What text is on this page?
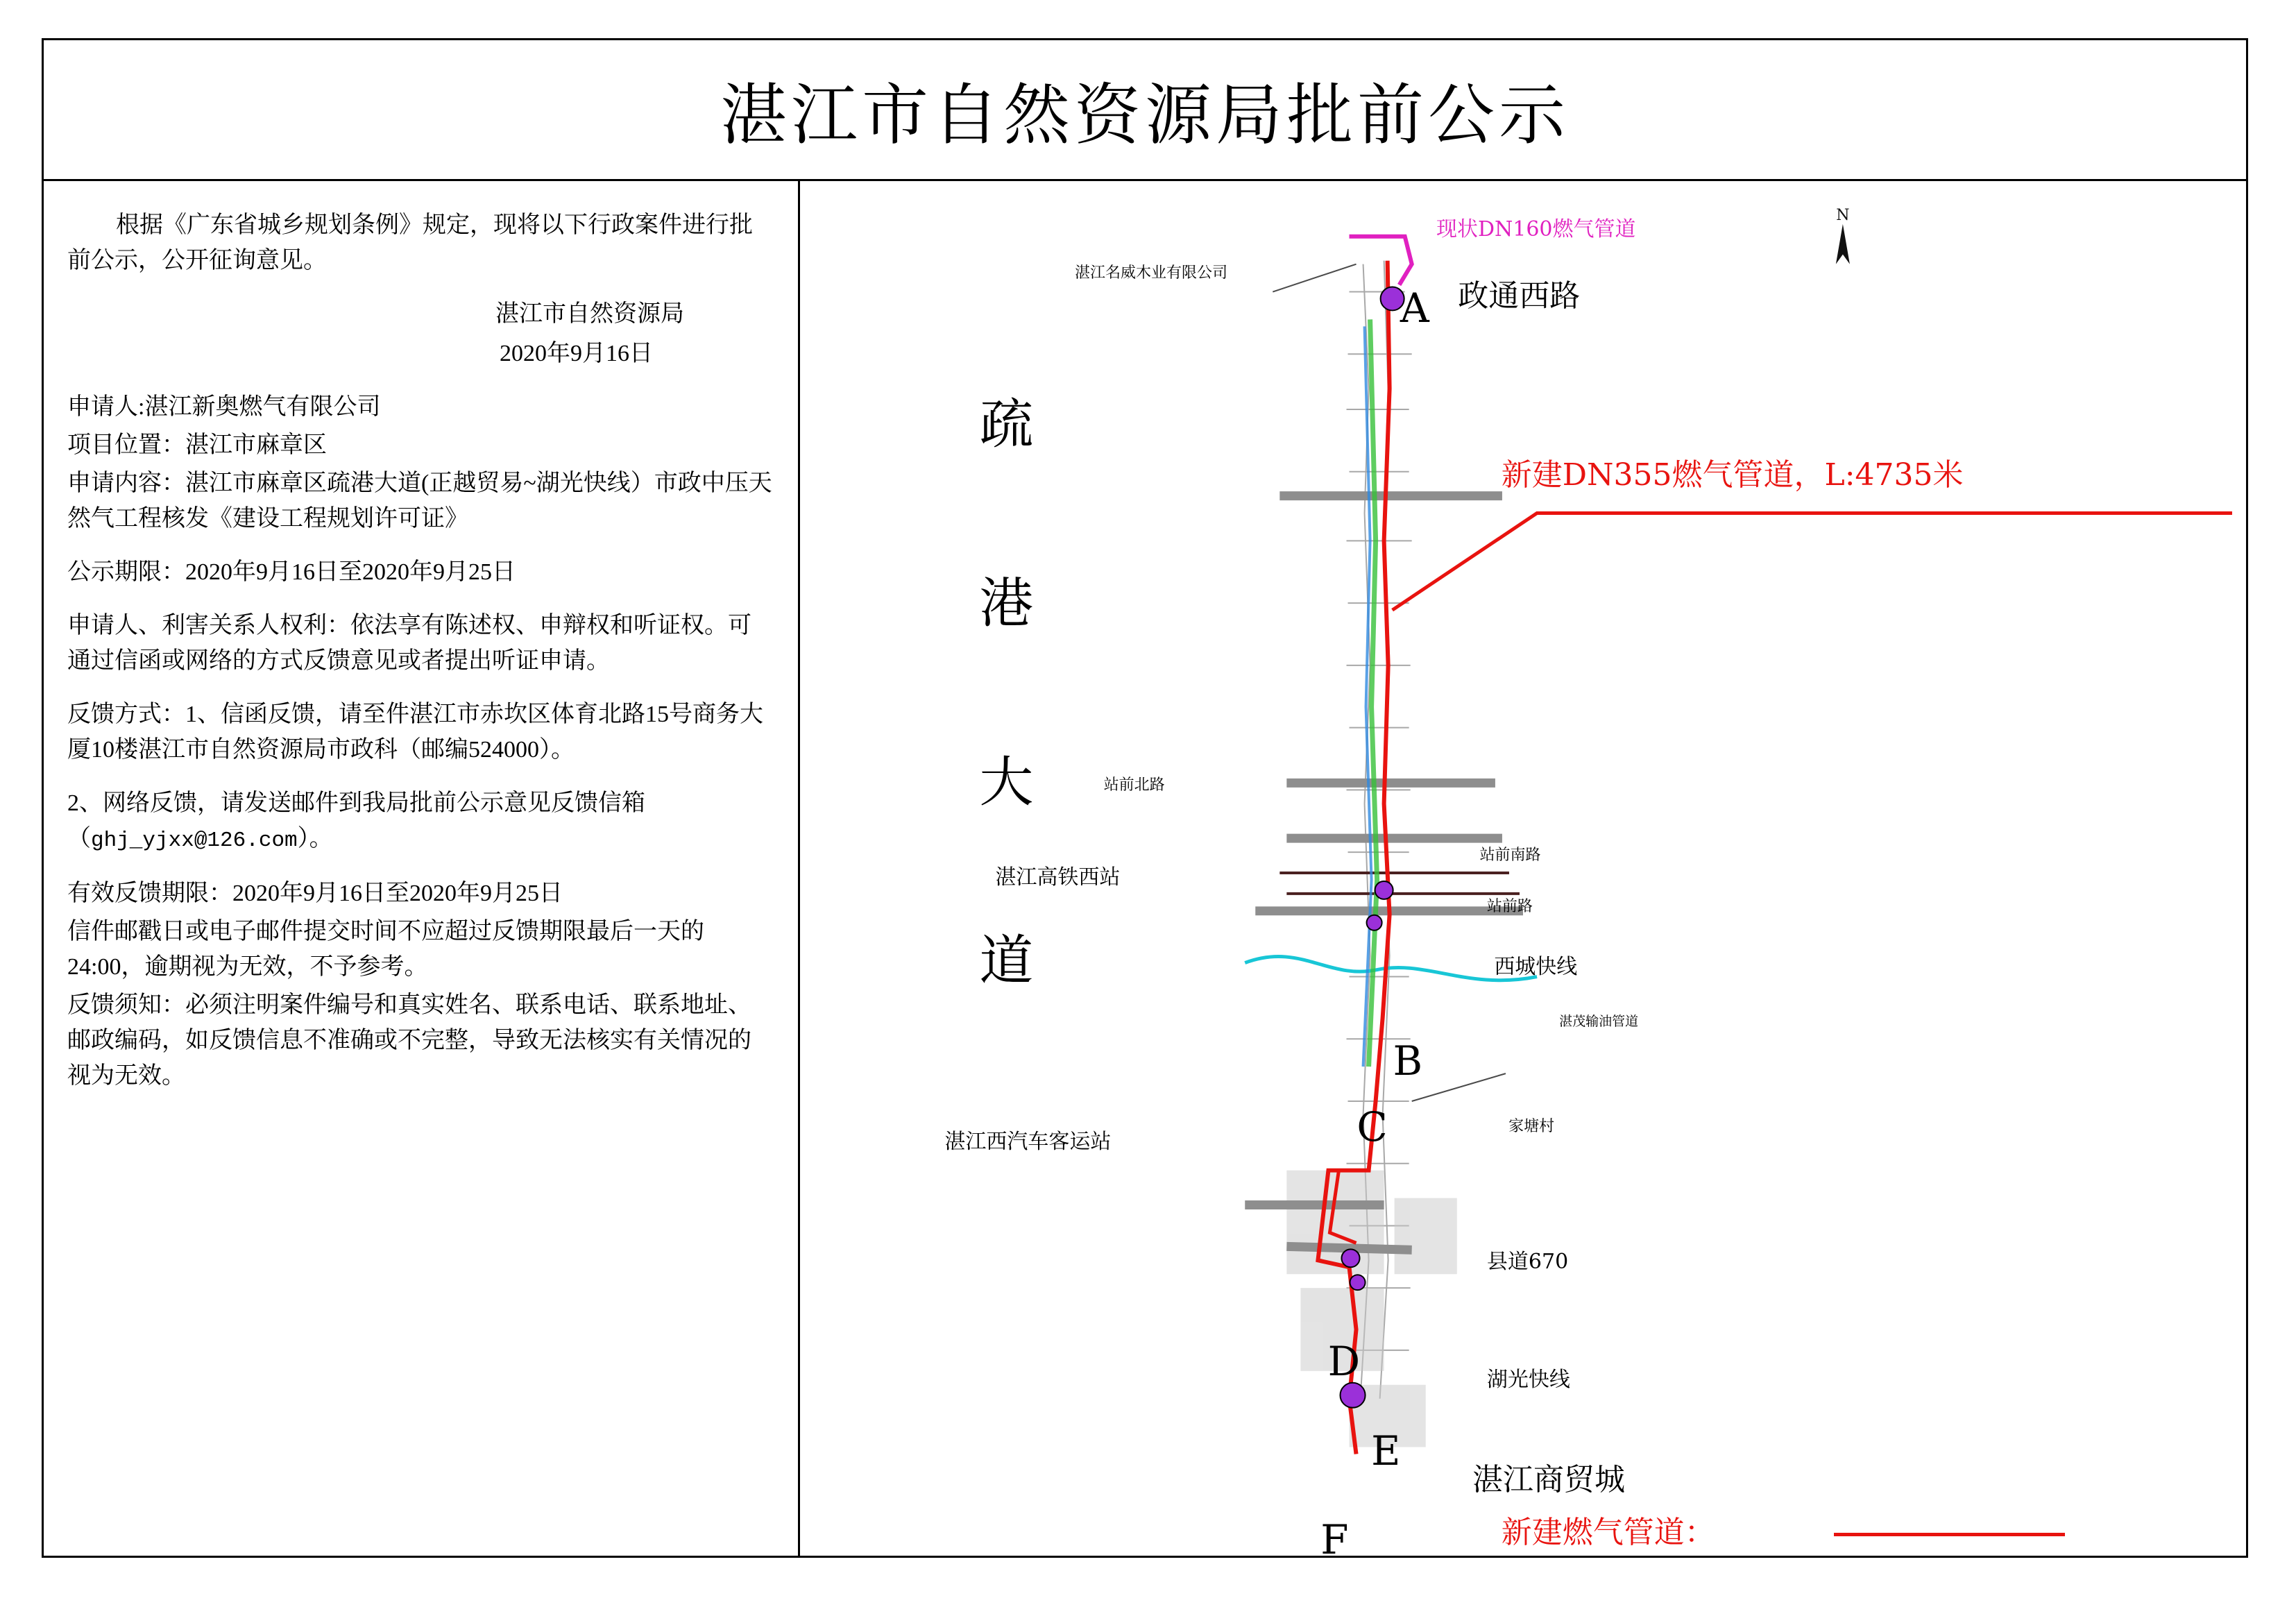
湛江市自然资源局批前公示

根据《广东省城乡规划条例》规定，现将以下行政案件进行批前公示，公开征询意见。

湛江市自然资源局

2020年9月16日

申请人:湛江新奥燃气有限公司

项目位置：湛江市麻章区

申请内容：湛江市麻章区疏港大道(正越贸易~湖光快线）市政中压天然气工程核发《建设工程规划许可证》

公示期限：2020年9月16日至2020年9月25日

申请人、利害关系人权利：依法享有陈述权、申辩权和听证权。可通过信函或网络的方式反馈意见或者提出听证申请。

反馈方式：1、信函反馈，请至件湛江市赤坎区体育北路15号商务大厦10楼湛江市自然资源局市政科（邮编524000）。

2、网络反馈，请发送邮件到我局批前公示意见反馈信箱（ghj_yjxx@126.com）。

有效反馈期限：2020年9月16日至2020年9月25日

信件邮戳日或电子邮件提交时间不应超过反馈期限最后一天的24:00，逾期视为无效，不予参考。

反馈须知：必须注明案件编号和真实姓名、联系电话、联系地址、邮政编码，如反馈信息不准确或不完整，导致无法核实有关情况的视为无效。

N
疏
港
大
道
现状DN160燃气管道
新建DN355燃气管道，L:4735米
湛江名威木业有限公司
政通西路
站前北路
站前南路
站前路
湛江高铁西站
西城快线
湛茂输油管道
湛江西汽车客运站
家塘村
县道670
湖光快线
湛江商贸城
A
B
C
D
E
F	新建燃气管道：
